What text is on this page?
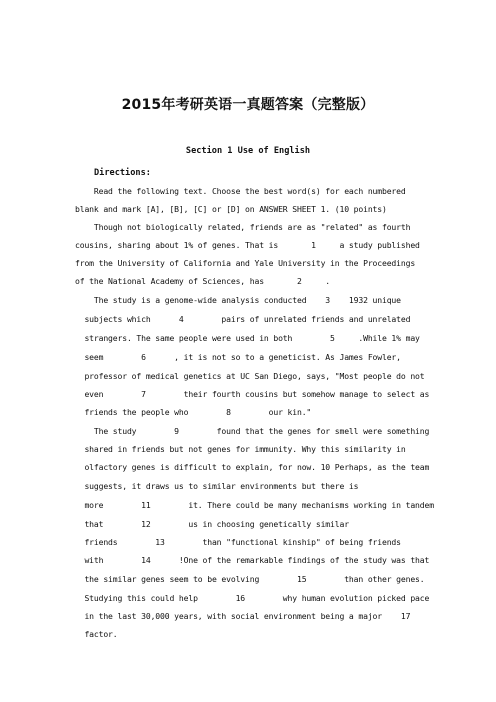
2015年考研英语一真题答案（完整版）
Section 1 Use of English
Directions:
Read the following text. Choose the best word(s) for each numbered
blank and mark [A], [B], [C] or [D] on ANSWER SHEET 1. (10 points)
Though not biologically related, friends are as "related" as fourth
cousins, sharing about 1% of genes. That is       1     a study published
from the University of California and Yale University in the Proceedings
of the National Academy of Sciences, has       2     .
The study is a genome-wide analysis conducted    3    1932 unique
subjects which      4        pairs of unrelated friends and unrelated
strangers. The same people were used in both        5     .While 1% may
seem        6      , it is not so to a geneticist. As James Fowler,
professor of medical genetics at UC San Diego, says, "Most people do not
even        7        their fourth cousins but somehow manage to select as
friends the people who        8        our kin."
The study        9        found that the genes for smell were something
shared in friends but not genes for immunity. Why this similarity in
olfactory genes is difficult to explain, for now. 10 Perhaps, as the team
suggests, it draws us to similar environments but there is
more        11        it. There could be many mechanisms working in tandem
that        12        us in choosing genetically similar
friends        13        than "functional kinship" of being friends
with        14      !One of the remarkable findings of the study was that
the similar genes seem to be evolving        15        than other genes.
Studying this could help        16        why human evolution picked pace
in the last 30,000 years, with social environment being a major    17
factor.
